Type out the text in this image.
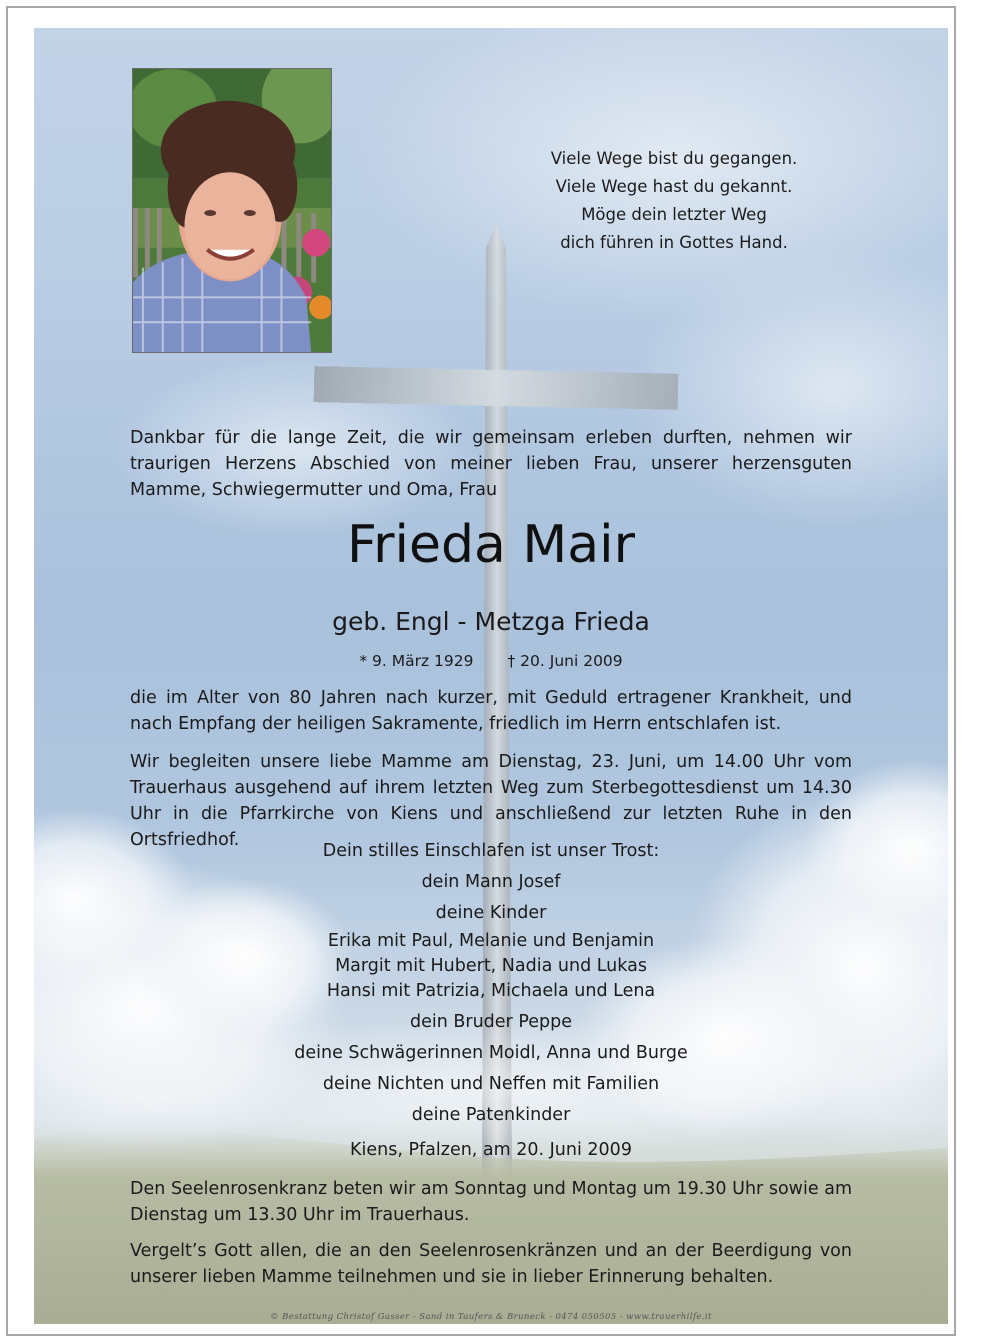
Viele Wege bist du gegangen.
Viele Wege hast du gekannt.
Möge dein letzter Weg
dich führen in Gottes Hand.
Dankbar für die lange Zeit, die wir gemeinsam erleben durften, nehmen wir traurigen Herzens Abschied von meiner lieben Frau, unserer herzensguten Mamme, Schwiegermutter und Oma, Frau
Frieda Mair
geb. Engl - Metzga Frieda
* 9. März 1929 † 20. Juni 2009
die im Alter von 80 Jahren nach kurzer, mit Geduld ertragener Krankheit, und nach Empfang der heiligen Sakramente, friedlich im Herrn entschlafen ist.
Wir begleiten unsere liebe Mamme am Dienstag, 23. Juni, um 14.00 Uhr vom Trauerhaus ausgehend auf ihrem letzten Weg zum Sterbegottesdienst um 14.30 Uhr in die Pfarrkirche von Kiens und anschließend zur letzten Ruhe in den Ortsfriedhof.
Dein stilles Einschlafen ist unser Trost:
dein Mann Josef
deine Kinder
Erika mit Paul, Melanie und Benjamin
Margit mit Hubert, Nadia und Lukas
Hansi mit Patrizia, Michaela und Lena
dein Bruder Peppe
deine Schwägerinnen Moidl, Anna und Burge
deine Nichten und Neffen mit Familien
deine Patenkinder
Kiens, Pfalzen, am 20. Juni 2009
Den Seelenrosenkranz beten wir am Sonntag und Montag um 19.30 Uhr sowie am Dienstag um 13.30 Uhr im Trauerhaus.
Vergelt’s Gott allen, die an den Seelenrosenkränzen und an der Beerdigung von unserer lieben Mamme teilnehmen und sie in lieber Erinnerung behalten.
© Bestattung Christof Gasser - Sand in Taufers & Bruneck - 0474 050505 - www.trauerhilfe.it
